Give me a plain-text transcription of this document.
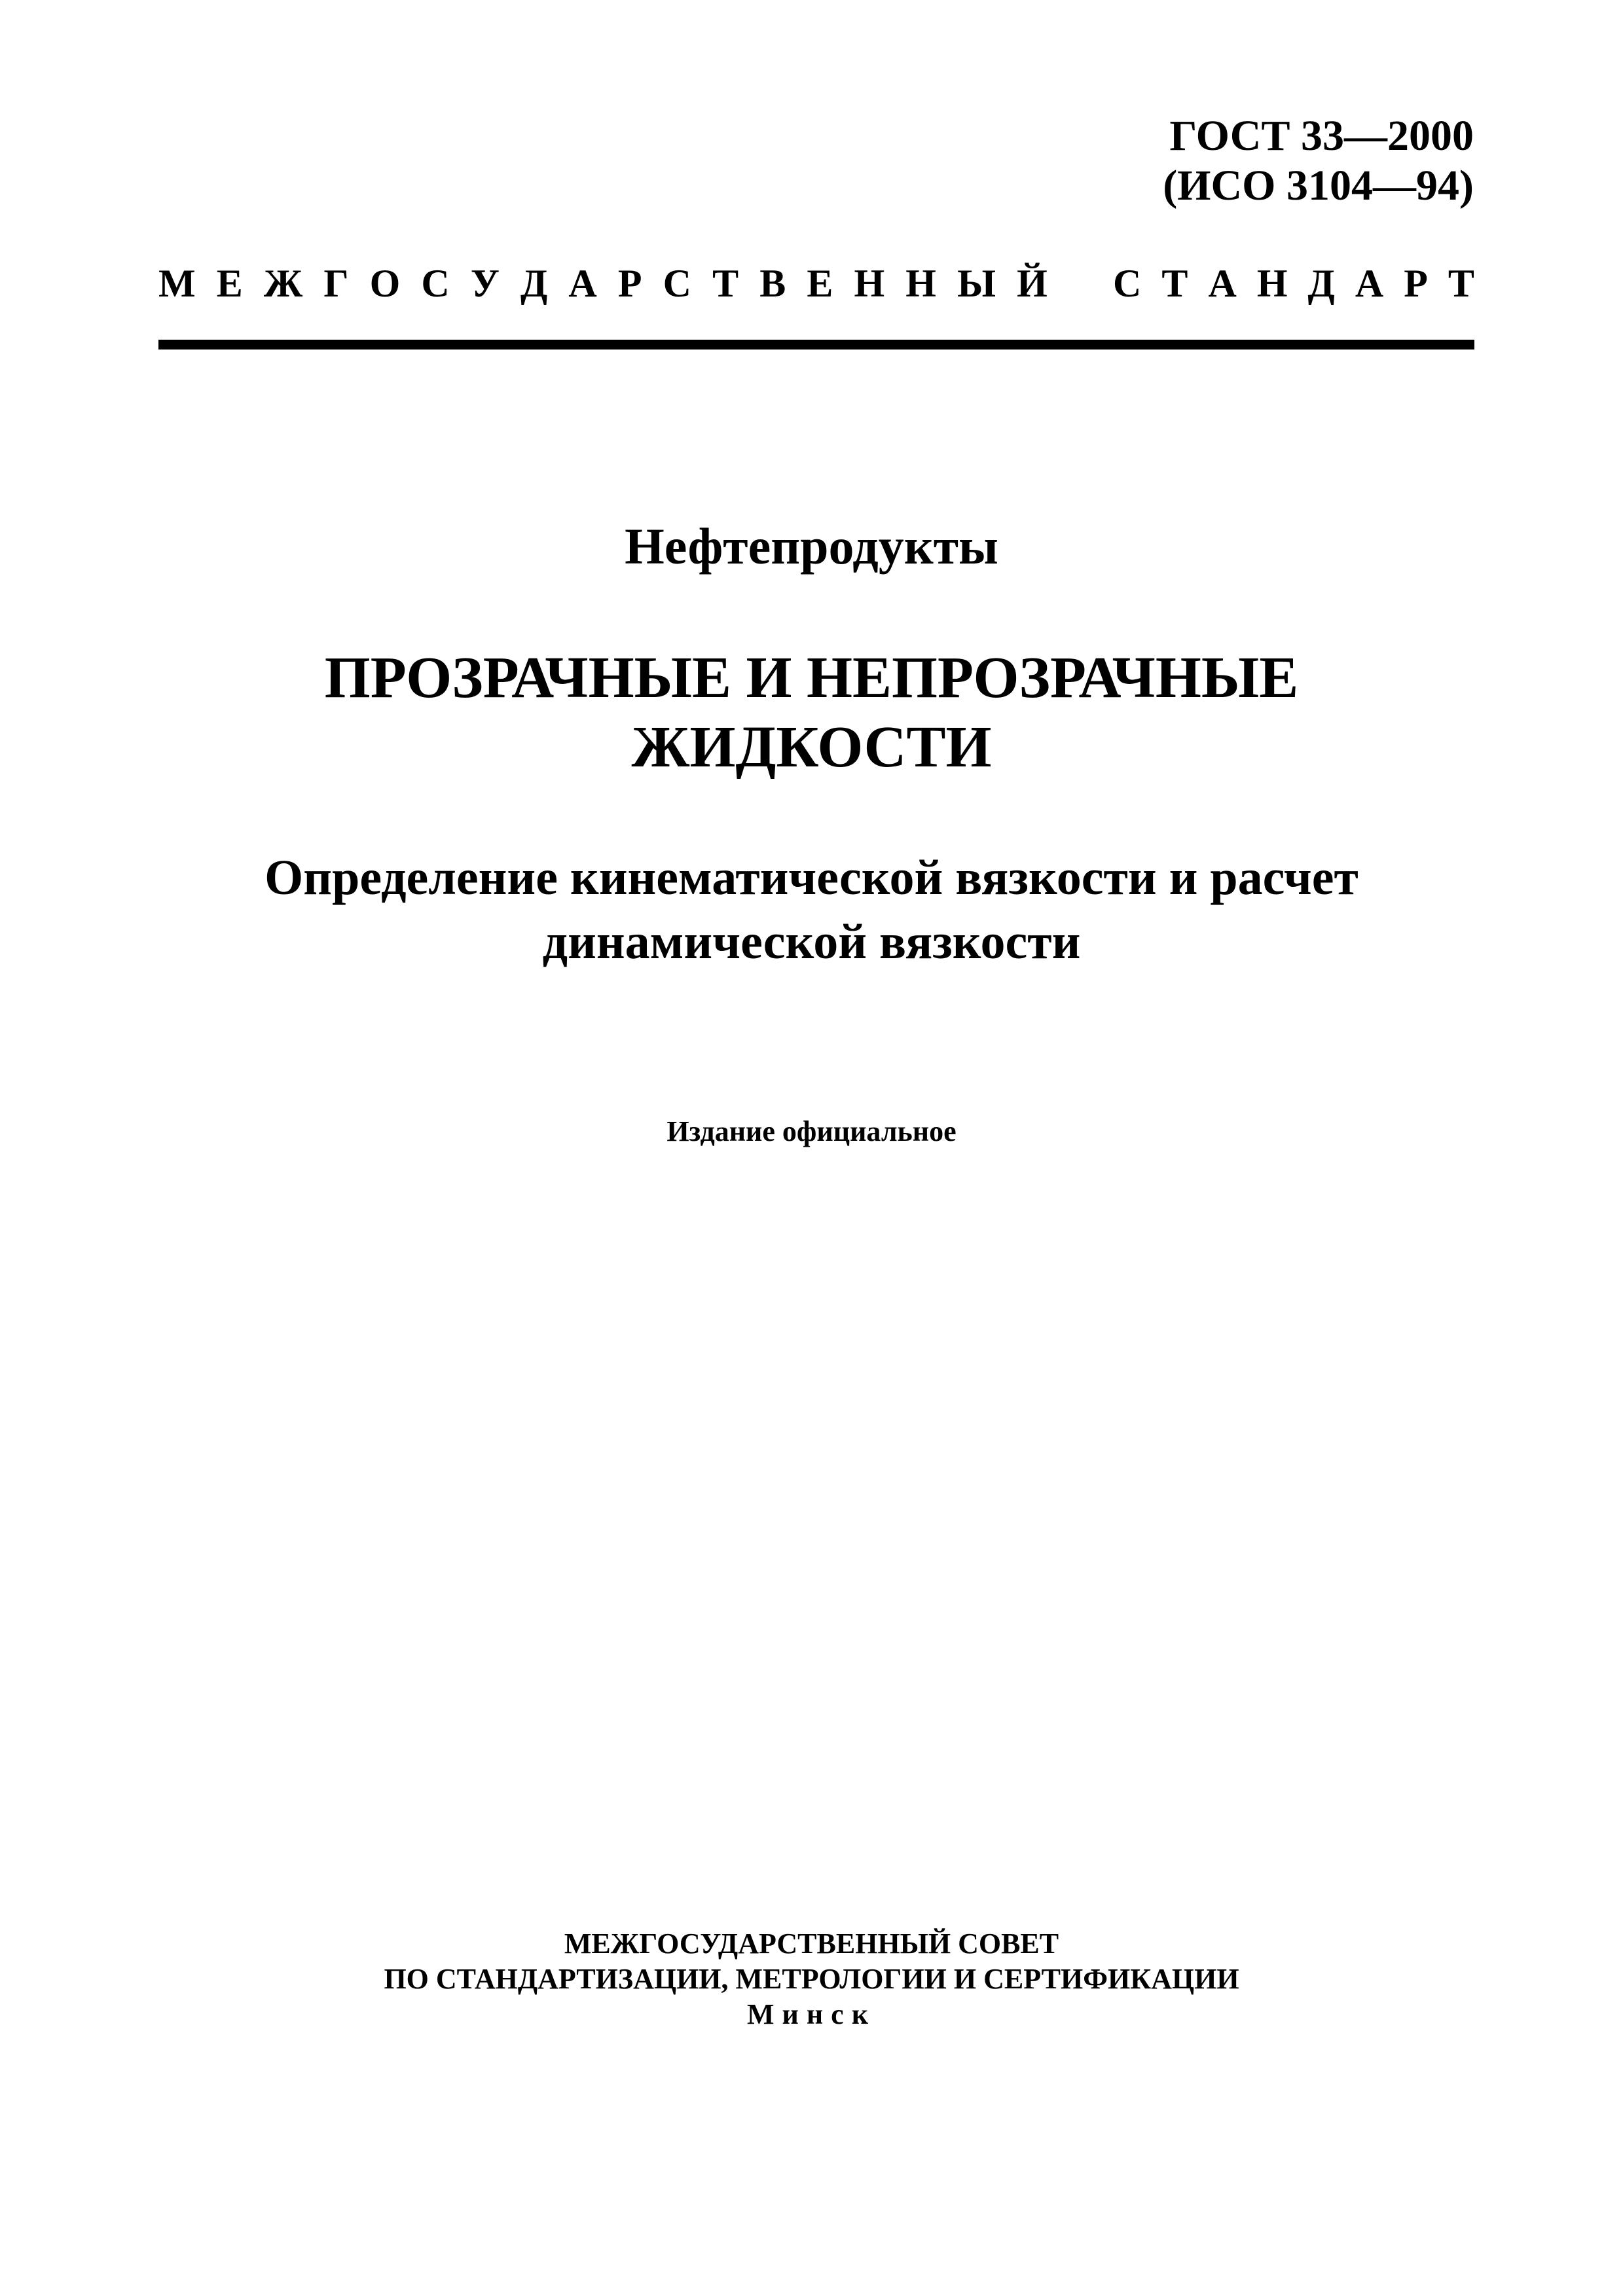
ГОСТ 33—2000
(ИСО 3104—94)
М Е Ж Г О С У Д А Р С Т В Е Н Н Ы Й С Т А Н Д А Р Т
Нефтепродукты
ПРОЗРАЧНЫЕ И НЕПРОЗРАЧНЫЕ
ЖИДКОСТИ
Определение кинематической вязкости и расчет
динамической вязкости
Издание официальное
МЕЖГОСУДАРСТВЕННЫЙ СОВЕТ
ПО СТАНДАРТИЗАЦИИ, МЕТРОЛОГИИ И СЕРТИФИКАЦИИ
Минск
